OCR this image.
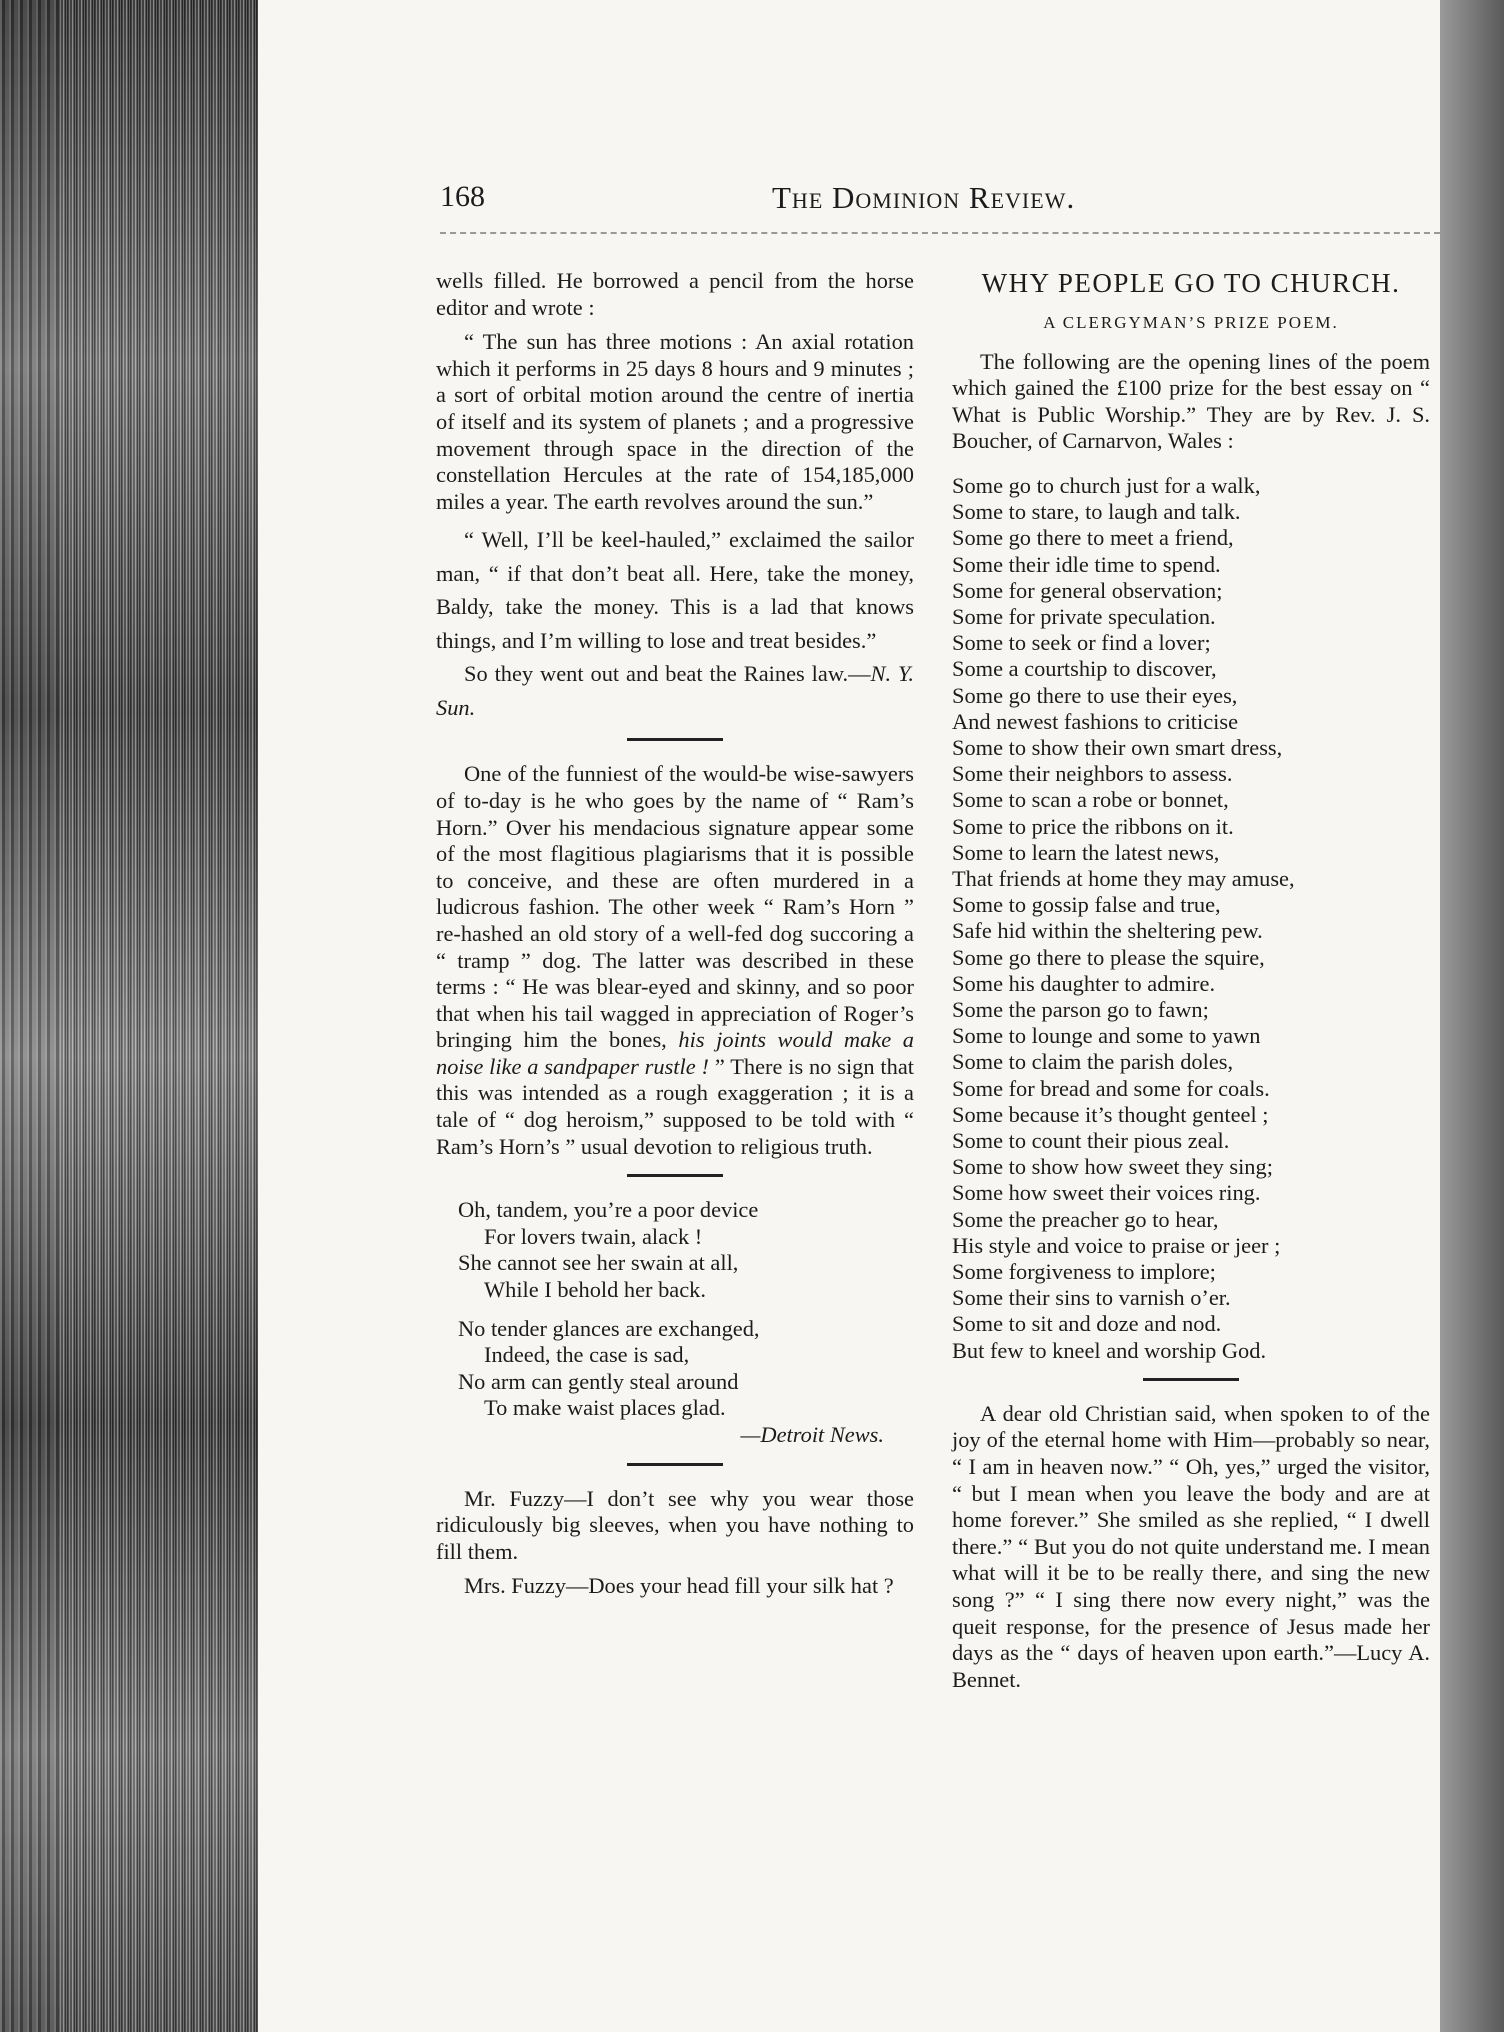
168	The Dominion Review.

wells filled. He borrowed a pencil from the horse editor and wrote :

“ The sun has three motions : An axial rotation which it performs in 25 days 8 hours and 9 minutes ; a sort of orbital motion around the centre of inertia of itself and its system of planets ; and a progressive movement through space in the direction of the constellation Hercules at the rate of 154,185,000 miles a year. The earth revolves around the sun.”

“ Well, I’ll be keel-hauled,” exclaimed the sailor man, “ if that don’t beat all. Here, take the money, Baldy, take the money. This is a lad that knows things, and I’m willing to lose and treat besides.”

So they went out and beat the Raines law.—N. Y. Sun.

One of the funniest of the would-be wise-sawyers of to-day is he who goes by the name of “ Ram’s Horn.” Over his mendacious signature appear some of the most flagitious plagiarisms that it is possible to conceive, and these are often murdered in a ludicrous fashion. The other week “ Ram’s Horn ” re-hashed an old story of a well-fed dog succoring a “ tramp ” dog. The latter was described in these terms : “ He was blear-eyed and skinny, and so poor that when his tail wagged in appreciation of Roger’s bringing him the bones, his joints would make a noise like a sandpaper rustle ! ” There is no sign that this was intended as a rough exaggeration ; it is a tale of “ dog heroism,” supposed to be told with “ Ram’s Horn’s ” usual devotion to religious truth.

Oh, tandem, you’re a poor device
For lovers twain, alack !
She cannot see her swain at all,
While I behold her back.
No tender glances are exchanged,
Indeed, the case is sad,
No arm can gently steal around
To make waist places glad.
—Detroit News.

Mr. Fuzzy—I don’t see why you wear those ridiculously big sleeves, when you have nothing to fill them.

Mrs. Fuzzy—Does your head fill your silk hat ?

WHY PEOPLE GO TO CHURCH.
A CLERGYMAN’S PRIZE POEM.

The following are the opening lines of the poem which gained the £100 prize for the best essay on “ What is Public Worship.” They are by Rev. J. S. Boucher, of Carnarvon, Wales :

Some go to church just for a walk,
Some to stare, to laugh and talk.
Some go there to meet a friend,
Some their idle time to spend.
Some for general observation;
Some for private speculation.
Some to seek or find a lover;
Some a courtship to discover,
Some go there to use their eyes,
And newest fashions to criticise
Some to show their own smart dress,
Some their neighbors to assess.
Some to scan a robe or bonnet,
Some to price the ribbons on it.
Some to learn the latest news,
That friends at home they may amuse,
Some to gossip false and true,
Safe hid within the sheltering pew.
Some go there to please the squire,
Some his daughter to admire.
Some the parson go to fawn;
Some to lounge and some to yawn
Some to claim the parish doles,
Some for bread and some for coals.
Some because it’s thought genteel ;
Some to count their pious zeal.
Some to show how sweet they sing;
Some how sweet their voices ring.
Some the preacher go to hear,
His style and voice to praise or jeer ;
Some forgiveness to implore;
Some their sins to varnish o’er.
Some to sit and doze and nod.
But few to kneel and worship God.

A dear old Christian said, when spoken to of the joy of the eternal home with Him—probably so near, “ I am in heaven now.” “ Oh, yes,” urged the visitor, “ but I mean when you leave the body and are at home forever.” She smiled as she replied, “ I dwell there.” “ But you do not quite understand me. I mean what will it be to be really there, and sing the new song ?” “ I sing there now every night,” was the queit response, for the presence of Jesus made her days as the “ days of heaven upon earth.”—Lucy A. Bennet.
